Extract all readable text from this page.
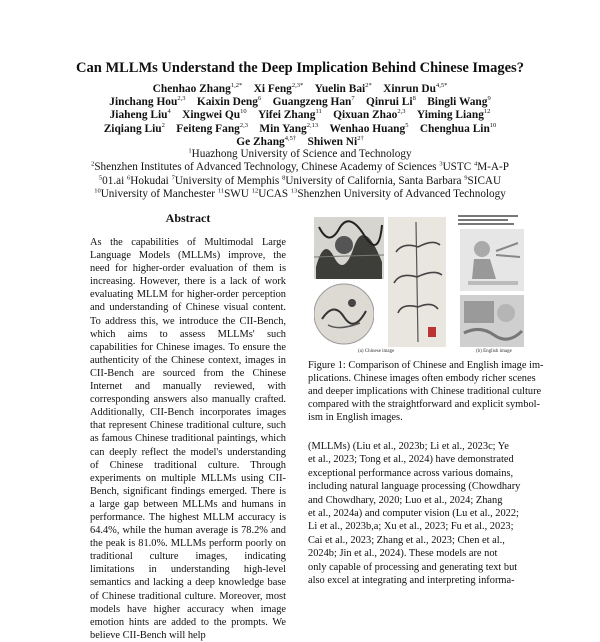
Can MLLMs Understand the Deep Implication Behind Chinese Images?
Chenhao Zhang$^{1,2*}$  Xi Feng$^{2,3*}$  Yuelin Bai$^{2*}$  Xinrun $Du^{4,5*}$
Jinchang Hou$^{2,3}$  Kaixin Deng$^6$  Guangzeng Han$^7$  Qinrui Li$^8$  Bingli Wang$^9$
Jiaheng Liu$^4$  Xingwei Qu$^{10}$  Yifei Zhang$^{11}$  Qixuan Zhao$^{2,3}$  Yiming Liang$^{12}$
Ziqiang Liu$^2$  Feiteng Fang$^{2,3}$  Min Yang$^{2,13}$  Wenhao Huang$^5$  Chenghua Lin$^{10}$
Ge Zhang$^{4,5\dagger}$  Shiwen $Ni^{2\dagger}$
$^1$Huazhong University of Science and Technology
$^2$Shenzhen Institutes of Advanced Technology, Chinese Academy of Sciences $^3$USTC $^4$M-A-P
$^5$01.ai $^6$Hokudai $^7$University of Memphis $^8$University of California, Santa Barbara $^9$SICAU
$^{10}$University of Manchester $^{11}$SWU $^{12}$UCAS $^{13}$Shenzhen University of Advanced Technology
Abstract
As the capabilities of Multimodal Large Language Models (MLLMs) improve, the need for higher-order evaluation of them is increasing. However, there is a lack of work evaluating MLLM for higher-order perception and understanding of Chinese visual content. To address this, we introduce the CII-Bench, which aims to assess MLLMs' such capabilities for Chinese images. To ensure the authenticity of the Chinese context, images in CII-Bench are sourced from the Chinese Internet and manually reviewed, with corresponding answers also manually crafted. Additionally, CII-Bench incorporates images that represent Chinese traditional culture, such as famous Chinese traditional paintings, which can deeply reflect the model's understanding of Chinese traditional culture. Through experiments on multiple MLLMs using CII-Bench, significant findings emerged. There is a large gap between MLLMs and humans in performance. The highest MLLM accuracy is 64.4%, while the human average is 78.2% and the peak is 81.0%. MLLMs perform poorly on traditional culture images, indicating limitations in understanding high-level semantics and lacking a deep knowledge base of Chinese traditional culture. Moreover, most models have higher accuracy when image emotion hints are added to the prompts. We believe CII-Bench will help
(a) Chinese image	(b) English image
Figure 1: Comparison of Chinese and English image im-
plications. Chinese images often embody richer scenes
and deeper implications with Chinese traditional culture
compared with the straightforward and explicit symbol-
ism in English images.
(MLLMs) (Liu et al., 2023b; Li et al., 2023c; Ye
et al., 2023; Tong et al., 2024) have demonstrated
exceptional performance across various domains,
including natural language processing (Chowdhary
and Chowdhary, 2020; Luo et al., 2024; Zhang
et al., 2024a) and computer vision (Lu et al., 2022;
Li et al., 2023b,a; Xu et al., 2023; Fu et al., 2023;
Cai et al., 2023; Zhang et al., 2023; Chen et al.,
2024b; Jin et al., 2024). These models are not
only capable of processing and generating text but
also excel at integrating and interpreting informa-
